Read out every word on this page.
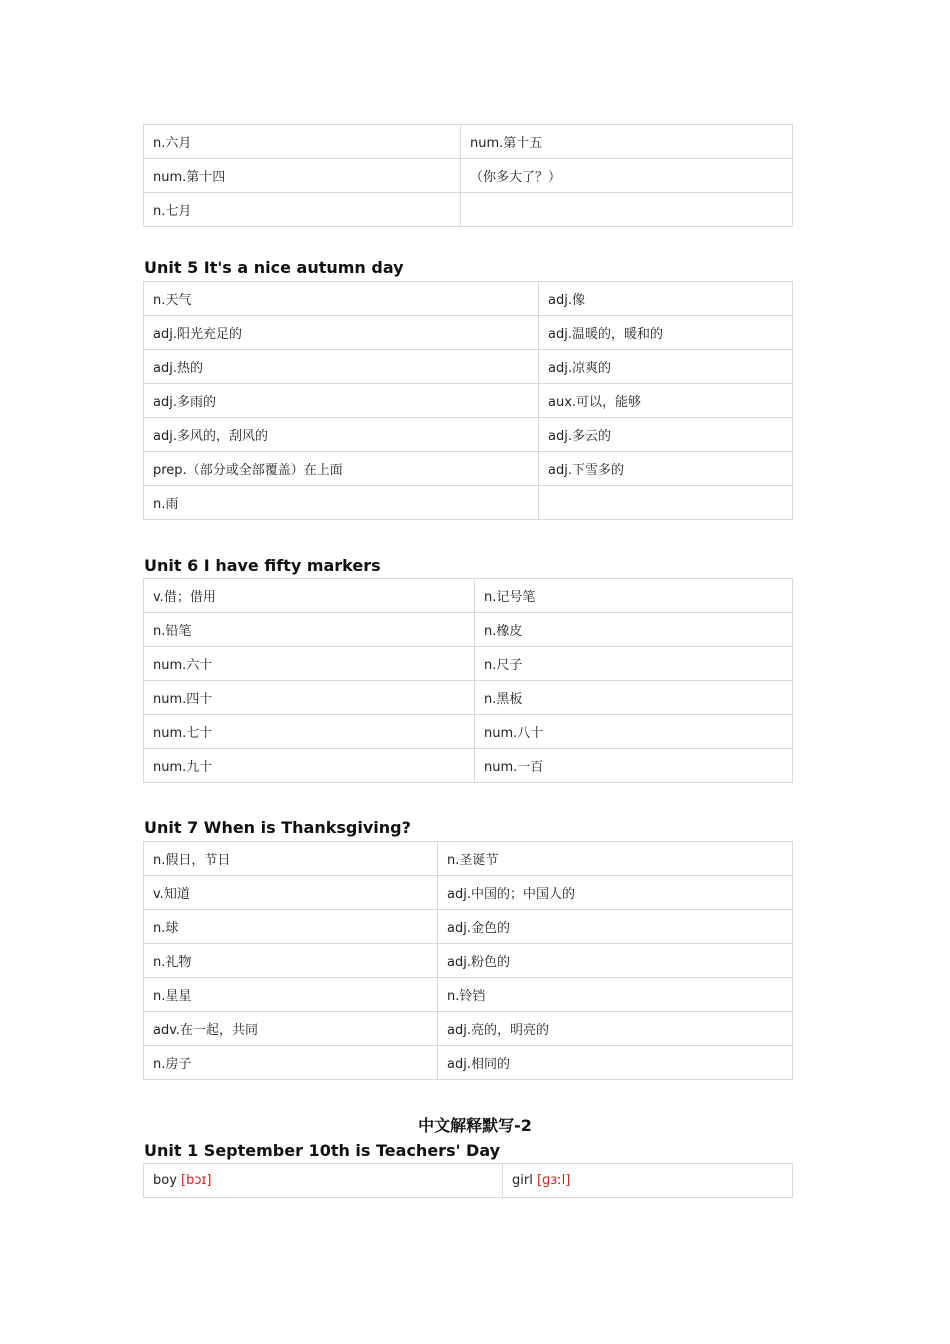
n.六月	num.第十五
num.第十四	（你多大了？）
n.七月	
Unit 5 It's a nice autumn day
n.天气	adj.像
adj.阳光充足的	adj.温暖的，暖和的
adj.热的	adj.凉爽的
adj.多雨的	aux.可以，能够
adj.多风的，刮风的	adj.多云的
prep.（部分或全部覆盖）在上面	adj.下雪多的
n.雨	
Unit 6 I have fifty markers
v.借；借用	n.记号笔
n.铅笔	n.橡皮
num.六十	n.尺子
num.四十	n.黑板
num.七十	num.八十
num.九十	num.一百
Unit 7 When is Thanksgiving?
n.假日，节日	n.圣诞节
v.知道	adj.中国的；中国人的
n.球	adj.金色的
n.礼物	adj.粉色的
n.星星	n.铃铛
adv.在一起，共同	adj.亮的，明亮的
n.房子	adj.相同的
中文解释默写-2
Unit 1 September 10th is Teachers' Day
boy [bɔɪ]	girl [ɡɜːl]
